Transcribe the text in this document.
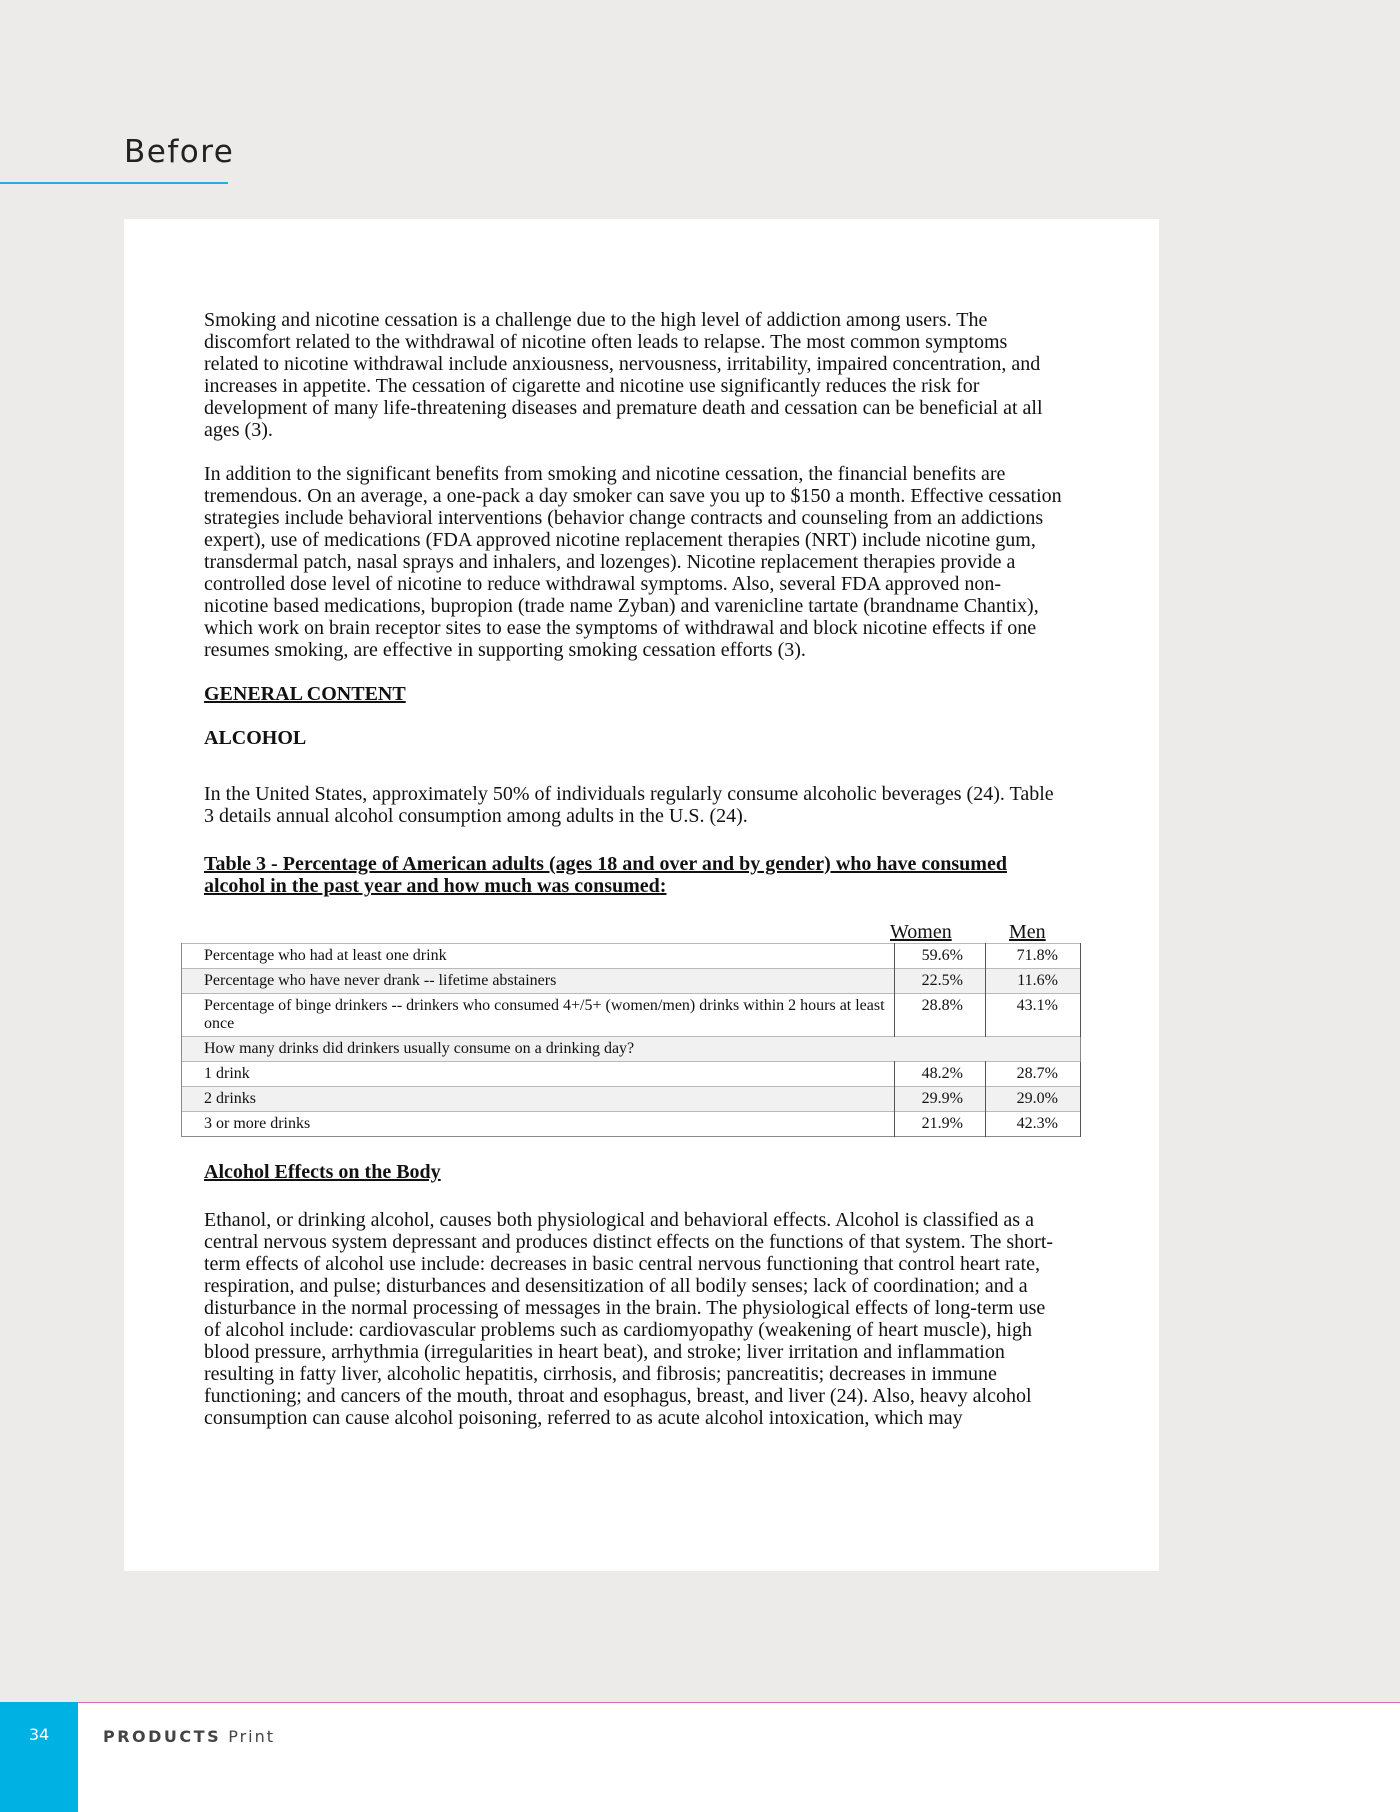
Before

Smoking and nicotine cessation is a challenge due to the high level of addiction among users. The discomfort related to the withdrawal of nicotine often leads to relapse. The most common symptoms related to nicotine withdrawal include anxiousness, nervousness, irritability, impaired concentration, and increases in appetite. The cessation of cigarette and nicotine use significantly reduces the risk for development of many life-threatening diseases and premature death and cessation can be beneficial at all ages (3).

In addition to the significant benefits from smoking and nicotine cessation, the financial benefits are tremendous. On an average, a one-pack a day smoker can save you up to $150 a month. Effective cessation strategies include behavioral interventions (behavior change contracts and counseling from an addictions expert), use of medications (FDA approved nicotine replacement therapies (NRT) include nicotine gum, transdermal patch, nasal sprays and inhalers, and lozenges). Nicotine replacement therapies provide a controlled dose level of nicotine to reduce withdrawal symptoms. Also, several FDA approved non-nicotine based medications, bupropion (trade name Zyban) and varenicline tartate (brandname Chantix), which work on brain receptor sites to ease the symptoms of withdrawal and block nicotine effects if one resumes smoking, are effective in supporting smoking cessation efforts (3).

GENERAL CONTENT
ALCOHOL

In the United States, approximately 50% of individuals regularly consume alcoholic beverages (24). Table 3 details annual alcohol consumption among adults in the U.S. (24).

Table 3 - Percentage of American adults (ages 18 and over and by gender) who have consumed alcohol in the past year and how much was consumed:
Women	Men
Percentage who had at least one drink	59.6%	71.8%
Percentage who have never drank -- lifetime abstainers	22.5%	11.6%
Percentage of binge drinkers -- drinkers who consumed 4+/5+ (women/men) drinks within 2 hours at least once	28.8%	43.1%
How many drinks did drinkers usually consume on a drinking day?		
1 drink	48.2%	28.7%
2 drinks	29.9%	29.0%
3 or more drinks	21.9%	42.3%
Alcohol Effects on the Body

Ethanol, or drinking alcohol, causes both physiological and behavioral effects. Alcohol is classified as a central nervous system depressant and produces distinct effects on the functions of that system. The short-term effects of alcohol use include: decreases in basic central nervous functioning that control heart rate, respiration, and pulse; disturbances and desensitization of all bodily senses; lack of coordination; and a disturbance in the normal processing of messages in the brain. The physiological effects of long-term use of alcohol include: cardiovascular problems such as cardiomyopathy (weakening of heart muscle), high blood pressure, arrhythmia (irregularities in heart beat), and stroke; liver irritation and inflammation resulting in fatty liver, alcoholic hepatitis, cirrhosis, and fibrosis; pancreatitis; decreases in immune functioning; and cancers of the mouth, throat and esophagus, breast, and liver (24). Also, heavy alcohol consumption can cause alcohol poisoning, referred to as acute alcohol intoxication, which may

34	PRODUCTS Print
